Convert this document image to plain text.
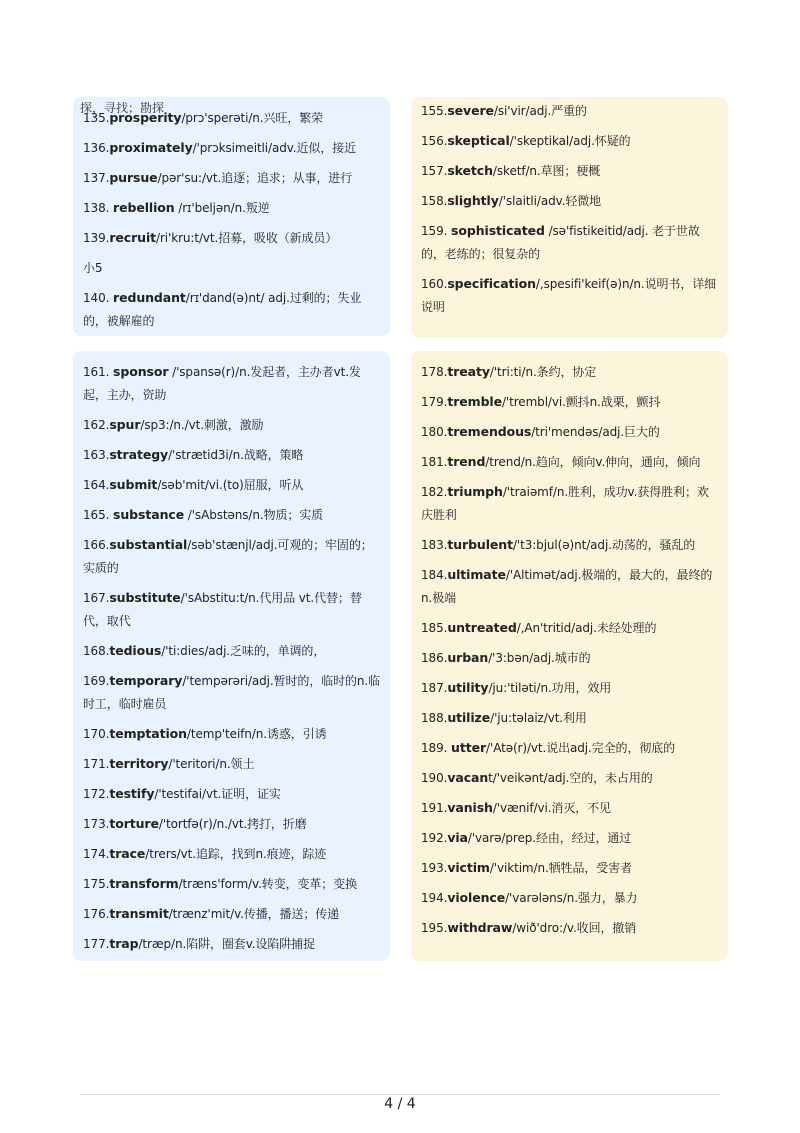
135.prosperity/prɔ'sperəti/n.兴旺，繁荣
136.proximately/'prɔksimeitli/adv.近似，接近
137.pursue/pər'su:/vt.追逐；追求；从事，进行
138. rebellion /rɪ'beljən/n.叛逆
139.recruit/ri'kru:t/vt.招募，吸收（新成员）
小5
140. redundant/rɪ'dand(ə)nt/ adj.过剩的；失业的，被解雇的
155.severe/si'vir/adj.严重的
156.skeptical/'skeptikal/adj.怀疑的
157.sketch/sketf/n.草图；梗概
158.slightly/'slaitli/adv.轻微地
159. sophisticated /sə'fistikeitid/adj. 老于世故的，老练的；很复杂的
160.specification/,spesifi'keif(ə)n/n.说明书，详细说明
161. sponsor /'spansə(r)/n.发起者，主办者vt.发起，主办，资助
162.spur/sp3:/n./vt.刺激，激励
163.strategy/'strætid3i/n.战略，策略
164.submit/səb'mit/vi.(to)屈服，听从
165. substance /'sAbstəns/n.物质；实质
166.substantial/səb'stænjl/adj.可观的；牢固的；实质的
167.substitute/'sAbstitu:t/n.代用品 vt.代替；替代，取代
168.tedious/'ti:dies/adj.乏味的，单调的，
169.temporary/'tempərəri/adj.暂时的，临时的n.临时工，临时雇员
170.temptation/temp'teifn/n.诱惑，引诱
171.territory/'teritori/n.领土
172.testify/'testifai/vt.证明，证实
173.torture/'tortfə(r)/n./vt.拷打，折磨
174.trace/trers/vt.追踪，找到n.痕迹，踪迹
175.transform/træns'form/v.转变，变革；变换
176.transmit/trænz'mit/v.传播，播送；传递
177.trap/træp/n.陷阱，圈套v.设陷阱捕捉
178.treaty/'tri:ti/n.条约，协定
179.tremble/'trembl/vi.颤抖n.战栗，颤抖
180.tremendous/tri'mendəs/adj.巨大的
181.trend/trend/n.趋向，倾向v.伸向，通向，倾向
182.triumph/'traiəmf/n.胜利，成功v.获得胜利；欢庆胜利
183.turbulent/'t3:bjul(ə)nt/adj.动荡的，骚乱的
184.ultimate/'Altimət/adj.极端的，最大的，最终的n.极端
185.untreated/,An'tritid/adj.未经处理的
186.urban/'3:bən/adj.城市的
187.utility/ju:'tiləti/n.功用，效用
188.utilize/'ju:təlaiz/vt.利用
189. utter/'Atə(r)/vt.说出adj.完全的，彻底的
190.vacant/'veikənt/adj.空的，未占用的
191.vanish/'vænif/vi.消灭，不见
192.via/'varə/prep.经由，经过，通过
193.victim/'viktim/n.牺牲品，受害者
194.violence/'varələns/n.强力，暴力
195.withdraw/wið'dro:/v.收回，撤销
探，寻找；勘探
4 / 4
